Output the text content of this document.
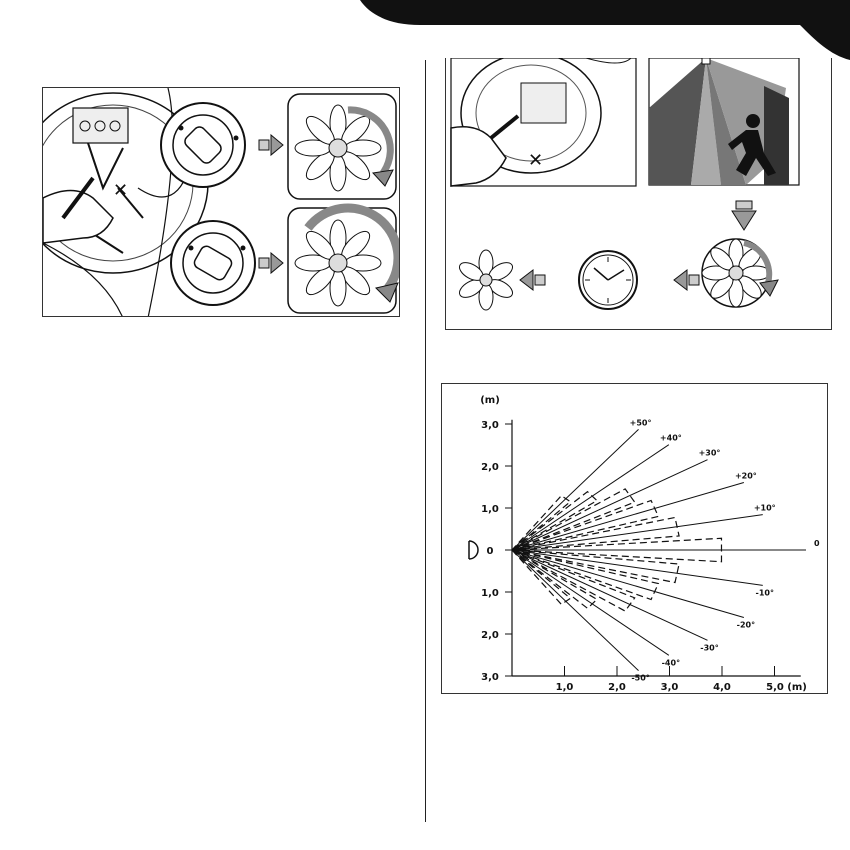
✕
✕
3,0
2,0
1,0
0
1,0
2,0
3,0
(m)
1,0	2,0	3,0	4,0	5,0 (m)
+50°
+40°
+30°
+20°
+10°
0
-10°
-20°
-30°
-40°
-50°
